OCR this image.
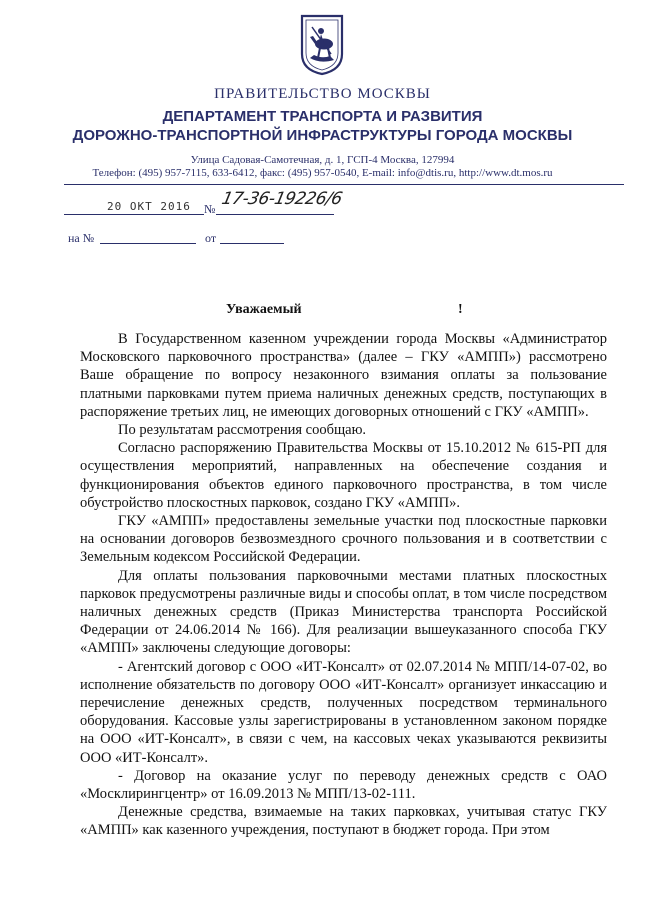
ПРАВИТЕЛЬСТВО МОСКВЫ
ДЕПАРТАМЕНТ ТРАНСПОРТА И РАЗВИТИЯ
ДОРОЖНО-ТРАНСПОРТНОЙ ИНФРАСТРУКТУРЫ ГОРОДА МОСКВЫ
Улица Садовая-Самотечная, д. 1, ГСП-4 Москва, 127994
Телефон: (495) 957-7115, 633-6412, факс: (495) 957-0540, E-mail: info@dtis.ru, http://www.dt.mos.ru
20 ОКТ 2016 № 17-36-19226/6
на №	от
Уважаемый	!

В Государственном казенном учреждении города Москвы «Администратор Московского парковочного пространства» (далее – ГКУ «АМПП») рассмотрено Ваше обращение по вопросу незаконного взимания оплаты за пользование платными парковками путем приема наличных денежных средств, поступающих в распоряжение третьих лиц, не имеющих договорных отношений с ГКУ «АМПП».

По результатам рассмотрения сообщаю.

Согласно распоряжению Правительства Москвы от 15.10.2012 № 615-РП для осуществления мероприятий, направленных на обеспечение создания и функционирования объектов единого парковочного пространства, в том числе обустройство плоскостных парковок, создано ГКУ «АМПП».

ГКУ «АМПП» предоставлены земельные участки под плоскостные парковки на основании договоров безвозмездного срочного пользования и в соответствии с Земельным кодексом Российской Федерации.

Для оплаты пользования парковочными местами платных плоскостных парковок предусмотрены различные виды и способы оплат, в том числе посредством наличных денежных средств (Приказ Министерства транспорта Российской Федерации от 24.06.2014 № 166). Для реализации вышеуказанного способа ГКУ «АМПП» заключены следующие договоры:

- Агентский договор с ООО «ИТ-Консалт» от 02.07.2014 № МПП/14-07-02, во исполнение обязательств по договору ООО «ИТ-Консалт» организует инкассацию и перечисление денежных средств, полученных посредством терминального оборудования. Кассовые узлы зарегистрированы в установленном законом порядке на ООО «ИТ-Консалт», в связи с чем, на кассовых чеках указываются реквизиты ООО «ИТ-Консалт».

- Договор на оказание услуг по переводу денежных средств с ОАО «Москлирингцентр» от 16.09.2013 № МПП/13-02-111.

Денежные средства, взимаемые на таких парковках, учитывая статус ГКУ «АМПП» как казенного учреждения, поступают в бюджет города. При этом
